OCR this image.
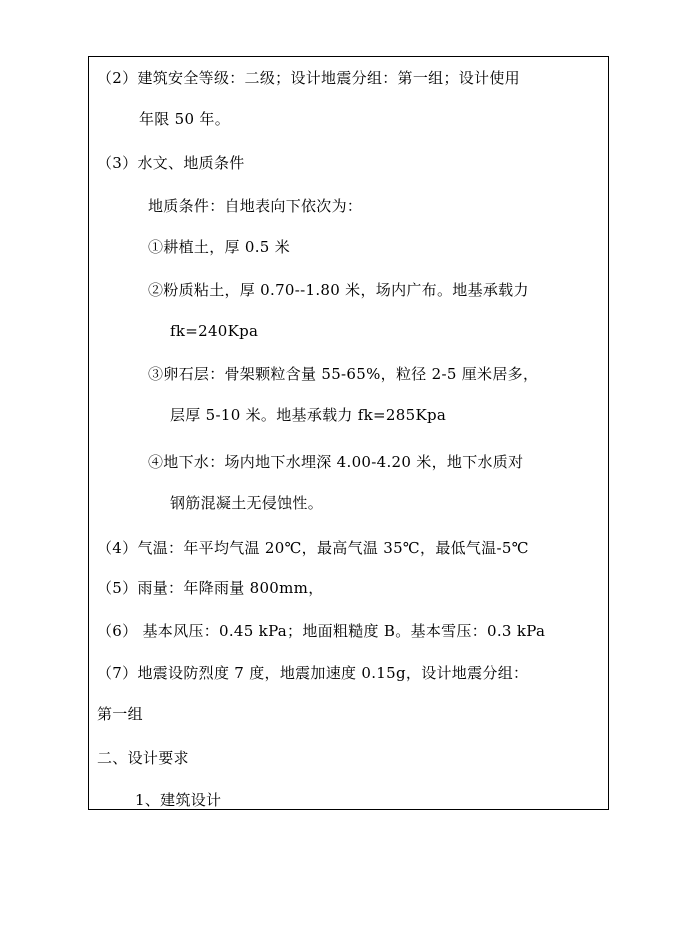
（2）建筑安全等级：二级；设计地震分组：第一组；设计使用
年限 50 年。
（3）水文、地质条件
地质条件：自地表向下依次为：
①耕植土，厚 0.5 米
②粉质粘土，厚 0.70--1.80 米，场内广布。地基承载力
fk=240Kpa
③卵石层：骨架颗粒含量 55-65%，粒径 2-5 厘米居多，
层厚 5-10 米。地基承载力 fk=285Kpa
④地下水：场内地下水埋深 4.00-4.20 米，地下水质对
钢筋混凝土无侵蚀性。
（4）气温：年平均气温 20℃，最高气温 35℃，最低气温-5℃
（5）雨量：年降雨量 800mm，
（6） 基本风压：0.45 kPa；地面粗糙度 B。基本雪压：0.3 kPa
（7）地震设防烈度 7 度，地震加速度 0.15g，设计地震分组：
第一组
二、设计要求
1、建筑设计
